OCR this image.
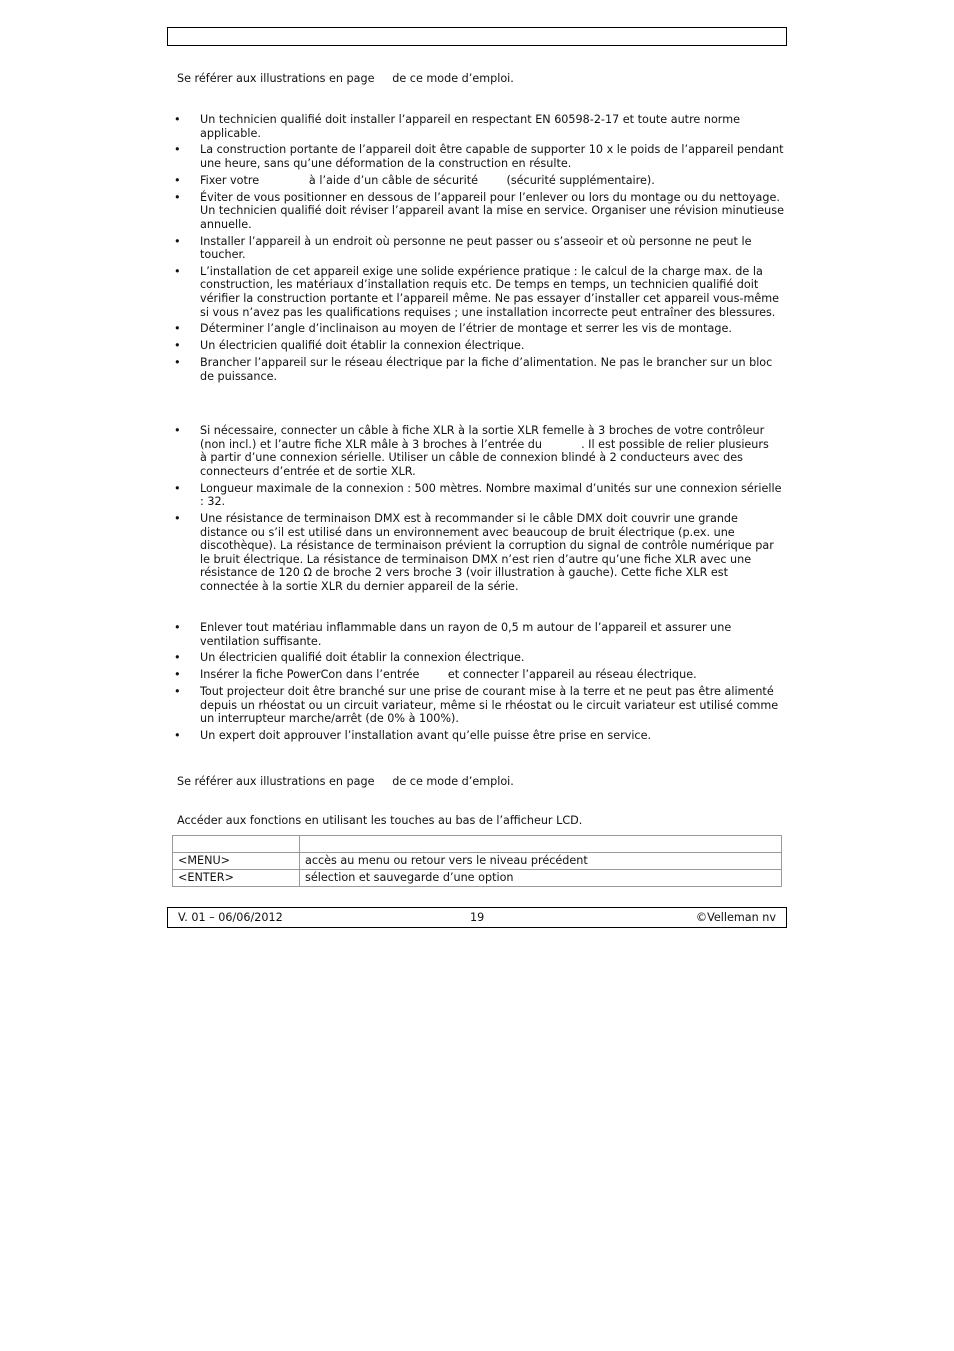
Se référer aux illustrations en page     de ce mode d’emploi.

• Un technicien qualifié doit installer l’appareil en respectant EN 60598-2-17 et toute autre norme applicable.
• La construction portante de l’appareil doit être capable de supporter 10 x le poids de l’appareil pendant une heure, sans qu’une déformation de la construction en résulte.
• Fixer votre              à l’aide d’un câble de sécurité        (sécurité supplémentaire).
• Éviter de vous positionner en dessous de l’appareil pour l’enlever ou lors du montage ou du nettoyage. Un technicien qualifié doit réviser l’appareil avant la mise en service. Organiser une révision minutieuse annuelle.
• Installer l’appareil à un endroit où personne ne peut passer ou s’asseoir et où personne ne peut le toucher.
• L’installation de cet appareil exige une solide expérience pratique : le calcul de la charge max. de la construction, les matériaux d’installation requis etc. De temps en temps, un technicien qualifié doit vérifier la construction portante et l’appareil même. Ne pas essayer d’installer cet appareil vous-même si vous n’avez pas les qualifications requises ; une installation incorrecte peut entraîner des blessures.
• Déterminer l’angle d’inclinaison au moyen de l’étrier de montage et serrer les vis de montage.
• Un électricien qualifié doit établir la connexion électrique.
• Brancher l’appareil sur le réseau électrique par la fiche d’alimentation. Ne pas le brancher sur un bloc de puissance.
• Si nécessaire, connecter un câble à fiche XLR à la sortie XLR femelle à 3 broches de votre contrôleur (non incl.) et l’autre fiche XLR mâle à 3 broches à l’entrée du           . Il est possible de relier plusieurs             à partir d’une connexion sérielle. Utiliser un câble de connexion blindé à 2 conducteurs avec des connecteurs d’entrée et de sortie XLR.
• Longueur maximale de la connexion : 500 mètres. Nombre maximal d’unités sur une connexion sérielle : 32.
• Une résistance de terminaison DMX est à recommander si le câble DMX doit couvrir une grande distance ou s’il est utilisé dans un environnement avec beaucoup de bruit électrique (p.ex. une discothèque). La résistance de terminaison prévient la corruption du signal de contrôle numérique par le bruit électrique. La résistance de terminaison DMX n’est rien d’autre qu’une fiche XLR avec une résistance de 120 Ω de broche 2 vers broche 3 (voir illustration à gauche). Cette fiche XLR est connectée à la sortie XLR du dernier appareil de la série.
• Enlever tout matériau inflammable dans un rayon de 0,5 m autour de l’appareil et assurer une ventilation suffisante.
• Un électricien qualifié doit établir la connexion électrique.
• Insérer la fiche PowerCon dans l’entrée        et connecter l’appareil au réseau électrique.
• Tout projecteur doit être branché sur une prise de courant mise à la terre et ne peut pas être alimenté depuis un rhéostat ou un circuit variateur, même si le rhéostat ou le circuit variateur est utilisé comme un interrupteur marche/arrêt (de 0% à 100%).
• Un expert doit approuver l’installation avant qu’elle puisse être prise en service.

Se référer aux illustrations en page     de ce mode d’emploi.

Accéder aux fonctions en utilisant les touches au bas de l’afficheur LCD.

<MENU>	accès au menu ou retour vers le niveau précédent
<ENTER>	sélection et sauvegarde d’une option
V. 01 – 06/06/2012	19	©Velleman nv
